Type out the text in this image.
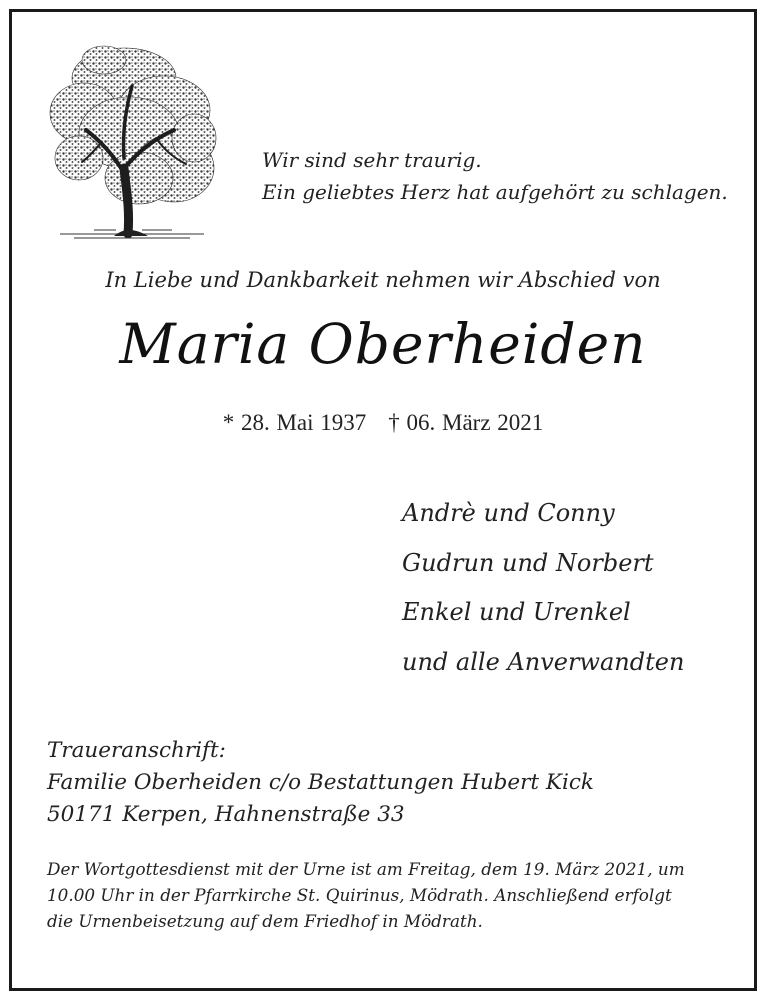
Wir sind sehr traurig.
Ein geliebtes Herz hat aufgehört zu schlagen.
In Liebe und Dankbarkeit nehmen wir Abschied von
Maria Oberheiden
* 28. Mai 1937 † 06. März 2021
Andrè und Conny
Gudrun und Norbert
Enkel und Urenkel
und alle Anverwandten
Traueranschrift:
Familie Oberheiden c/o Bestattungen Hubert Kick
50171 Kerpen, Hahnenstraße 33
Der Wortgottesdienst mit der Urne ist am Freitag, dem 19. März 2021, um
10.00 Uhr in der Pfarrkirche St. Quirinus, Mödrath. Anschließend erfolgt
die Urnenbeisetzung auf dem Friedhof in Mödrath.
